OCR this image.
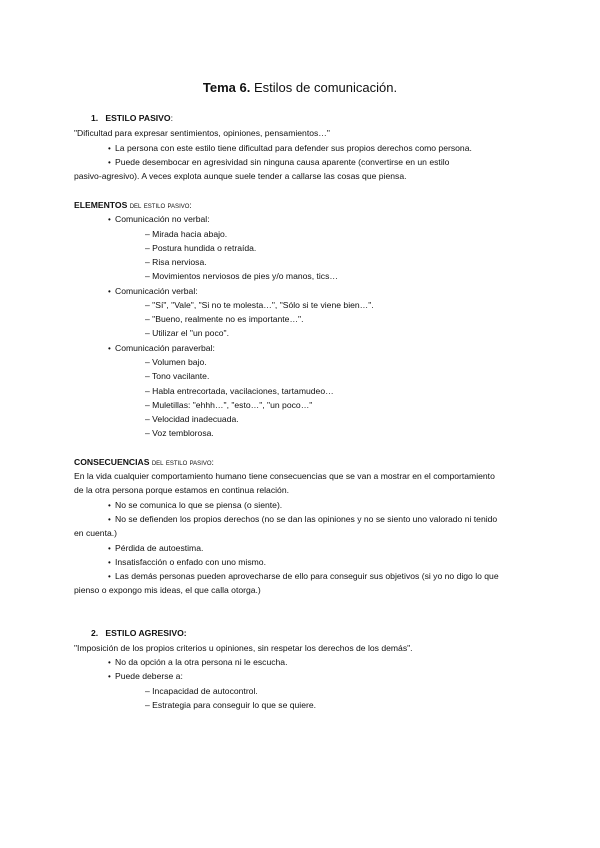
Tema 6. Estilos de comunicación.
1. ESTILO PASIVO:
"Dificultad para expresar sentimientos, opiniones, pensamientos…"
• La persona con este estilo tiene dificultad para defender sus propios derechos como persona.
• Puede desembocar en agresividad sin ninguna causa aparente (convertirse en un estilo
pasivo-agresivo). A veces explota aunque suele tender a callarse las cosas que piensa.
ELEMENTOS del estilo pasivo:
• Comunicación no verbal:
– Mirada hacia abajo.
– Postura hundida o retraída.
– Risa nerviosa.
– Movimientos nerviosos de pies y/o manos, tics…
• Comunicación verbal:
– "Sí", "Vale", "Si no te molesta…", "Sólo si te viene bien…".
– "Bueno, realmente no es importante…".
– Utilizar el "un poco".
• Comunicación paraverbal:
– Volumen bajo.
– Tono vacilante.
– Habla entrecortada, vacilaciones, tartamudeo…
– Muletillas: "ehhh…", "esto…", "un poco…"
– Velocidad inadecuada.
– Voz temblorosa.
CONSECUENCIAS del estilo pasivo:
En la vida cualquier comportamiento humano tiene consecuencias que se van a mostrar en el comportamiento
de la otra persona porque estamos en continua relación.
• No se comunica lo que se piensa (o siente).
• No se defienden los propios derechos (no se dan las opiniones y no se siento uno valorado ni tenido
en cuenta.)
• Pérdida de autoestima.
• Insatisfacción o enfado con uno mismo.
• Las demás personas pueden aprovecharse de ello para conseguir sus objetivos (si yo no digo lo que
pienso o expongo mis ideas, el que calla otorga.)
2. ESTILO AGRESIVO:
"Imposición de los propios criterios u opiniones, sin respetar los derechos de los demás".
• No da opción a la otra persona ni le escucha.
• Puede deberse a:
– Incapacidad de autocontrol.
– Estrategia para conseguir lo que se quiere.
